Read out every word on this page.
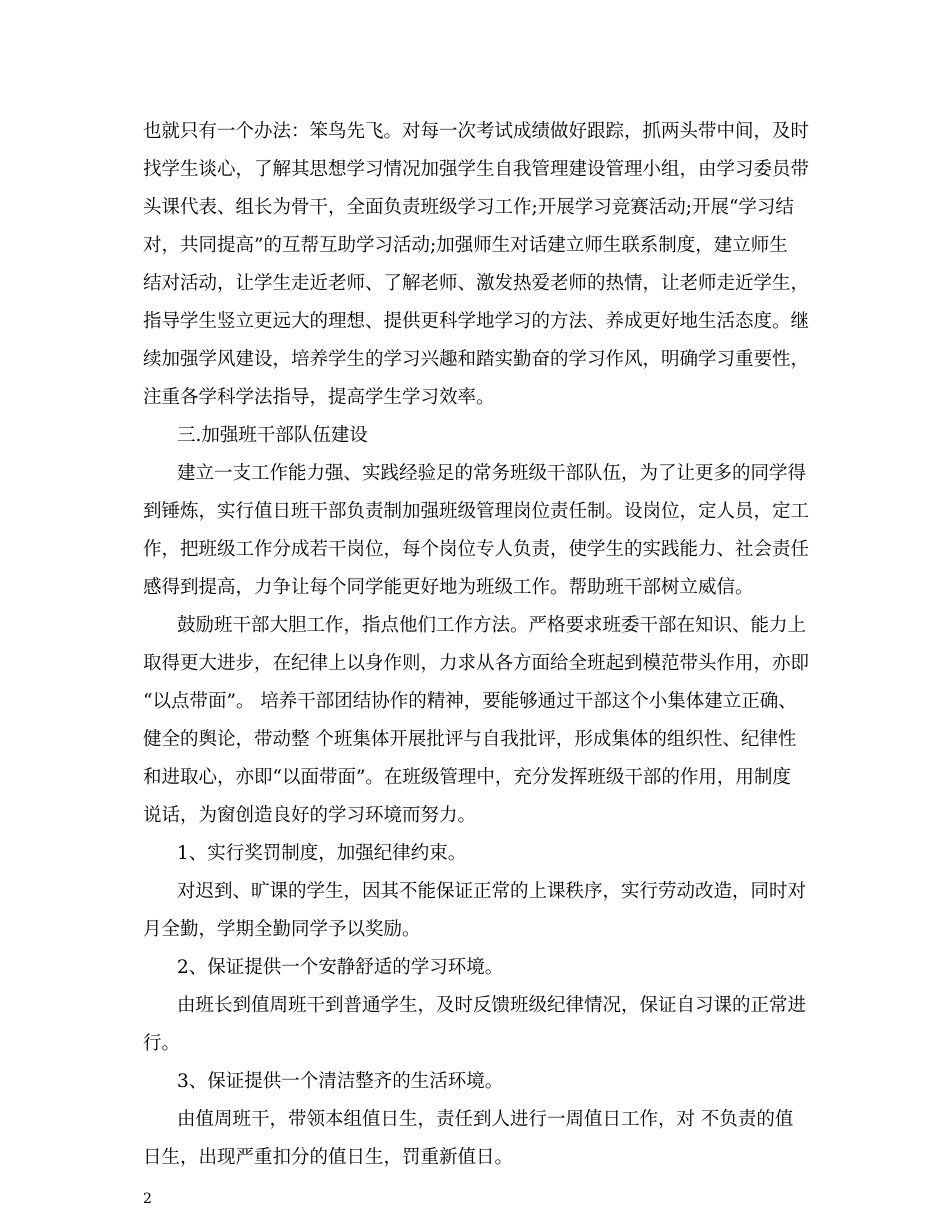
也就只有一个办法：笨鸟先飞。对每一次考试成绩做好跟踪，抓两头带中间，及时
找学生谈心，了解其思想学习情况加强学生自我管理建设管理小组，由学习委员带
头课代表、组长为骨干，全面负责班级学习工作;开展学习竞赛活动;开展“学习结
对，共同提高”的互帮互助学习活动;加强师生对话建立师生联系制度，建立师生
结对活动，让学生走近老师、了解老师、激发热爱老师的热情，让老师走近学生，
指导学生竖立更远大的理想、提供更科学地学习的方法、养成更好地生活态度。继
续加强学风建设，培养学生的学习兴趣和踏实勤奋的学习作风，明确学习重要性，
注重各学科学法指导，提高学生学习效率。
三.加强班干部队伍建设
建立一支工作能力强、实践经验足的常务班级干部队伍，为了让更多的同学得
到锤炼，实行值日班干部负责制加强班级管理岗位责任制。设岗位，定人员，定工
作，把班级工作分成若干岗位，每个岗位专人负责，使学生的实践能力、社会责任
感得到提高，力争让每个同学能更好地为班级工作。帮助班干部树立威信。
鼓励班干部大胆工作，指点他们工作方法。严格要求班委干部在知识、能力上
取得更大进步，在纪律上以身作则，力求从各方面给全班起到模范带头作用，亦即
“以点带面”。 培养干部团结协作的精神，要能够通过干部这个小集体建立正确、
健全的舆论，带动整 个班集体开展批评与自我批评，形成集体的组织性、纪律性
和进取心，亦即“以面带面”。在班级管理中，充分发挥班级干部的作用，用制度
说话，为窗创造良好的学习环境而努力。
1、实行奖罚制度，加强纪律约束。
对迟到、旷课的学生，因其不能保证正常的上课秩序，实行劳动改造，同时对
月全勤，学期全勤同学予以奖励。
2、保证提供一个安静舒适的学习环境。
由班长到值周班干到普通学生，及时反馈班级纪律情况，保证自习课的正常进
行。
3、保证提供一个清洁整齐的生活环境。
由值周班干，带领本组值日生，责任到人进行一周值日工作，对 不负责的值
日生，出现严重扣分的值日生，罚重新值日。
2
